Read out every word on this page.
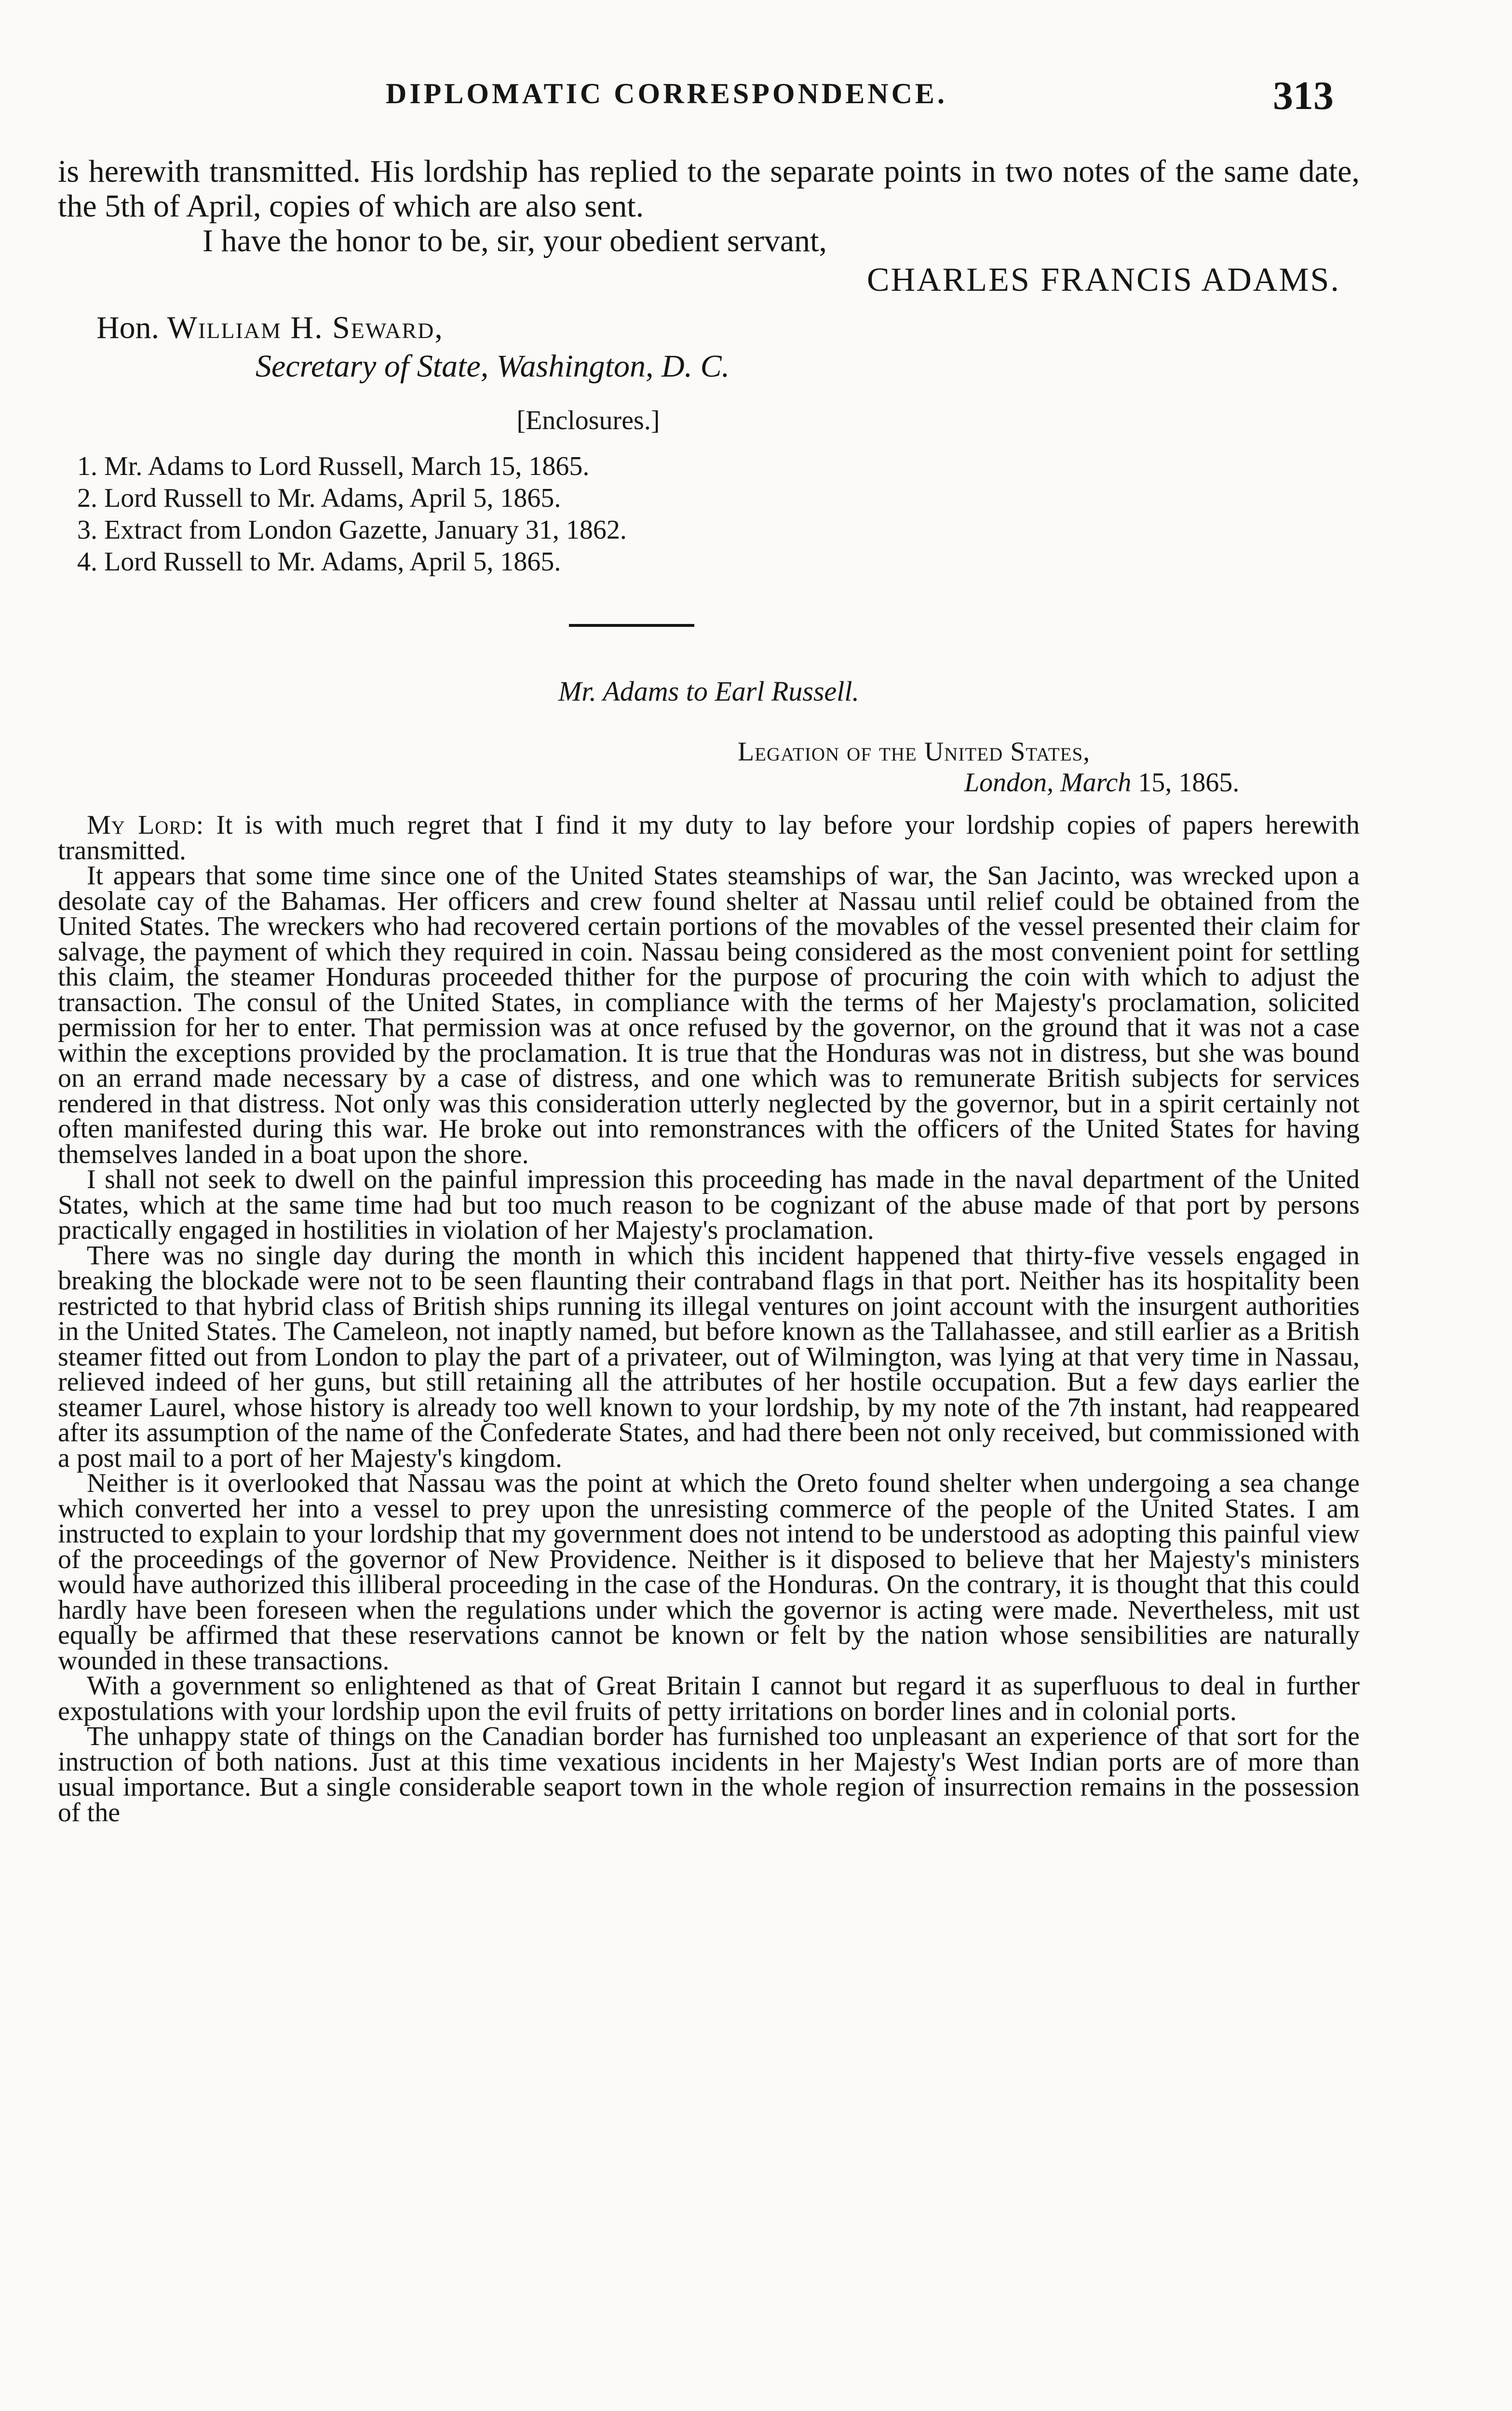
DIPLOMATIC CORRESPONDENCE.	313

is herewith transmitted. His lordship has replied to the separate points in two notes of the same date, the 5th of April, copies of which are also sent.

I have the honor to be, sir, your obedient servant,

CHARLES FRANCIS ADAMS.

Hon. William H. Seward,
Secretary of State, Washington, D. C.
[Enclosures.]
1. Mr. Adams to Lord Russell, March 15, 1865.
2. Lord Russell to Mr. Adams, April 5, 1865.
3. Extract from London Gazette, January 31, 1862.
4. Lord Russell to Mr. Adams, April 5, 1865.
Mr. Adams to Earl Russell.
Legation of the United States,
London, March 15, 1865.

My Lord: It is with much regret that I find it my duty to lay before your lordship copies of papers herewith transmitted.

It appears that some time since one of the United States steamships of war, the San Jacinto, was wrecked upon a desolate cay of the Bahamas. Her officers and crew found shelter at Nassau until relief could be obtained from the United States. The wreckers who had recovered certain portions of the movables of the vessel presented their claim for salvage, the payment of which they required in coin. Nassau being considered as the most convenient point for settling this claim, the steamer Honduras proceeded thither for the purpose of procuring the coin with which to adjust the transaction. The consul of the United States, in compliance with the terms of her Majesty's proclamation, solicited permission for her to enter. That permission was at once refused by the governor, on the ground that it was not a case within the exceptions provided by the proclamation. It is true that the Honduras was not in distress, but she was bound on an errand made necessary by a case of distress, and one which was to remunerate British subjects for services rendered in that distress. Not only was this consideration utterly neglected by the governor, but in a spirit certainly not often manifested during this war. He broke out into remonstrances with the officers of the United States for having themselves landed in a boat upon the shore.

I shall not seek to dwell on the painful impression this proceeding has made in the naval department of the United States, which at the same time had but too much reason to be cognizant of the abuse made of that port by persons practically engaged in hostilities in violation of her Majesty's proclamation.

There was no single day during the month in which this incident happened that thirty-five vessels engaged in breaking the blockade were not to be seen flaunting their contraband flags in that port. Neither has its hospitality been restricted to that hybrid class of British ships running its illegal ventures on joint account with the insurgent authorities in the United States. The Cameleon, not inaptly named, but before known as the Tallahassee, and still earlier as a British steamer fitted out from London to play the part of a privateer, out of Wilmington, was lying at that very time in Nassau, relieved indeed of her guns, but still retaining all the attributes of her hostile occupation. But a few days earlier the steamer Laurel, whose history is already too well known to your lordship, by my note of the 7th instant, had reappeared after its assumption of the name of the Confederate States, and had there been not only received, but commissioned with a post mail to a port of her Majesty's kingdom.

Neither is it overlooked that Nassau was the point at which the Oreto found shelter when undergoing a sea change which converted her into a vessel to prey upon the unresisting commerce of the people of the United States. I am instructed to explain to your lordship that my government does not intend to be understood as adopting this painful view of the proceedings of the governor of New Providence. Neither is it disposed to believe that her Majesty's ministers would have authorized this illiberal proceeding in the case of the Honduras. On the contrary, it is thought that this could hardly have been foreseen when the regulations under which the governor is acting were made. Nevertheless, mit ust equally be affirmed that these reservations cannot be known or felt by the nation whose sensibilities are naturally wounded in these transactions.

With a government so enlightened as that of Great Britain I cannot but regard it as superfluous to deal in further expostulations with your lordship upon the evil fruits of petty irritations on border lines and in colonial ports.

The unhappy state of things on the Canadian border has furnished too unpleasant an experience of that sort for the instruction of both nations. Just at this time vexatious incidents in her Majesty's West Indian ports are of more than usual importance. But a single considerable seaport town in the whole region of insurrection remains in the possession of the
